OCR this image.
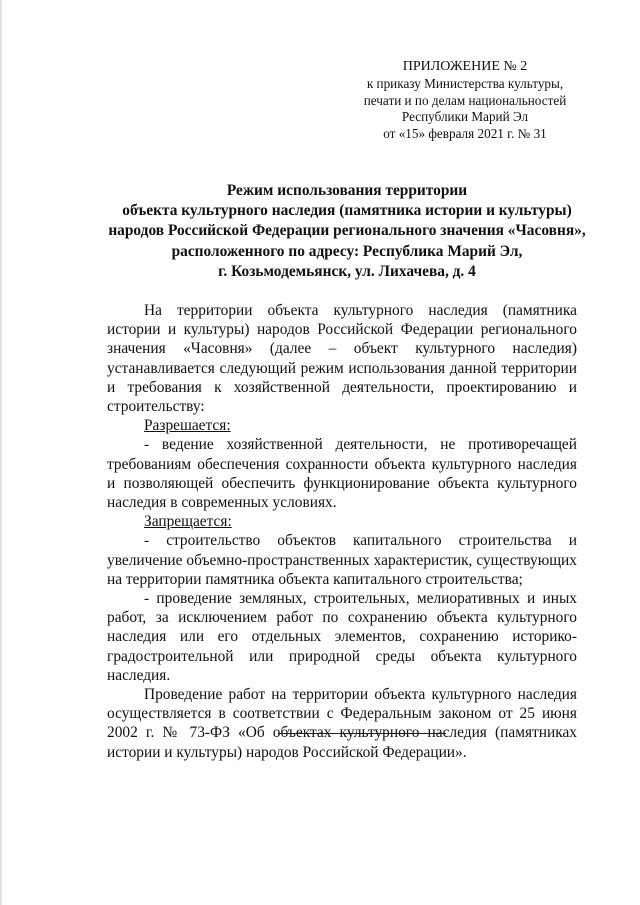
ПРИЛОЖЕНИЕ № 2
к приказу Министерства культуры,
печати и по делам национальностей
Республики Марий Эл
от «15» февраля 2021 г. № 31
Режим использования территории
объекта культурного наследия (памятника истории и культуры)
народов Российской Федерации регионального значения «Часовня»,
расположенного по адресу: Республика Марий Эл,
г. Козьмодемьянск, ул. Лихачева, д. 4

На территории объекта культурного наследия (памятника истории и культуры) народов Российской Федерации регионального значения «Часовня» (далее – объект культурного наследия) устанавливается следующий режим использования данной территории и требования к хозяйственной деятельности, проектированию и строительству:

Разрешается:

- ведение хозяйственной деятельности, не противоречащей требованиям обеспечения сохранности объекта культурного наследия и позволяющей обеспечить функционирование объекта культурного наследия в современных условиях.

Запрещается:

- строительство объектов капитального строительства и увеличение объемно-пространственных характеристик, существующих на территории памятника объекта капитального строительства;

- проведение земляных, строительных, мелиоративных и иных работ, за исключением работ по сохранению объекта культурного наследия или его отдельных элементов, сохранению историко-градостроительной или природной среды объекта культурного наследия.

Проведение работ на территории объекта культурного наследия осуществляется в соответствии с Федеральным законом от 25 июня 2002 г. № 73-ФЗ «Об объектах культурного наследия (памятниках истории и культуры) народов Российской Федерации».
